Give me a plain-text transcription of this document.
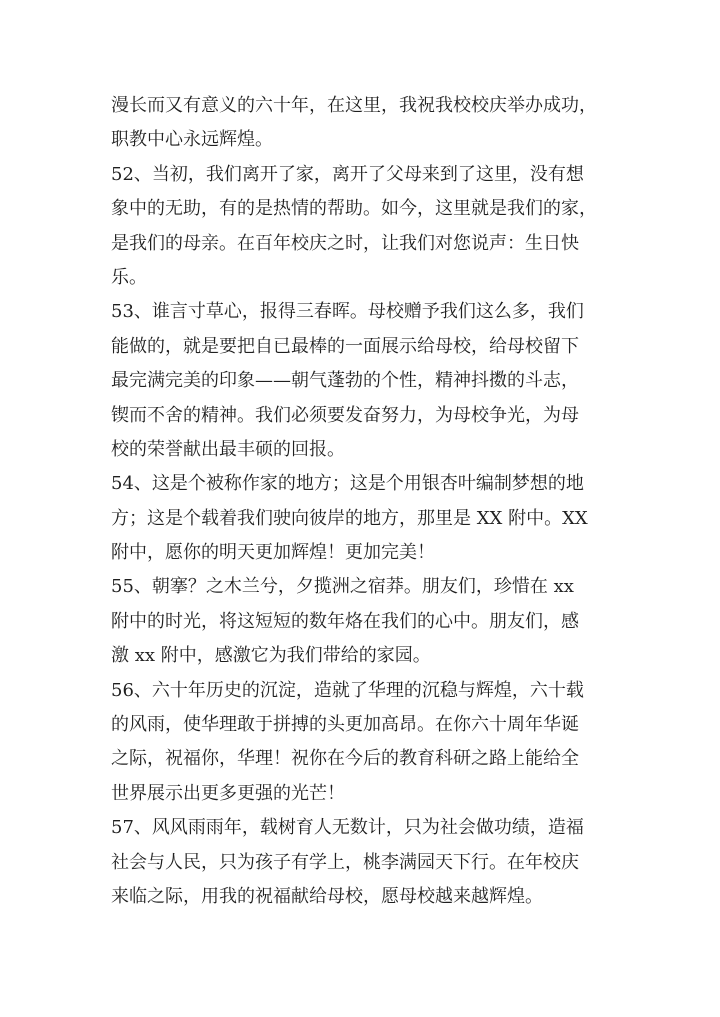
漫长而又有意义的六十年，在这里，我祝我校校庆举办成功，
职教中心永远辉煌。
52、当初，我们离开了家，离开了父母来到了这里，没有想
象中的无助，有的是热情的帮助。如今，这里就是我们的家，
是我们的母亲。在百年校庆之时，让我们对您说声：生日快
乐。
53、谁言寸草心，报得三春晖。母校赠予我们这么多，我们
能做的，就是要把自已最棒的一面展示给母校，给母校留下
最完满完美的印象——朝气蓬勃的个性，精神抖擞的斗志，
锲而不舍的精神。我们必须要发奋努力，为母校争光，为母
校的荣誉献出最丰硕的回报。
54、这是个被称作家的地方；这是个用银杏叶编制梦想的地
方；这是个载着我们驶向彼岸的地方，那里是 XX 附中。XX
附中，愿你的明天更加辉煌！更加完美！
55、朝搴？之木兰兮，夕揽洲之宿莽。朋友们，珍惜在 xx
附中的时光，将这短短的数年烙在我们的心中。朋友们，感
激 xx 附中，感激它为我们带给的家园。
56、六十年历史的沉淀，造就了华理的沉稳与辉煌，六十载
的风雨，使华理敢于拼搏的头更加高昂。在你六十周年华诞
之际，祝福你，华理！祝你在今后的教育科研之路上能给全
世界展示出更多更强的光芒！
57、风风雨雨年，载树育人无数计，只为社会做功绩，造福
社会与人民，只为孩子有学上，桃李满园天下行。在年校庆
来临之际，用我的祝福献给母校，愿母校越来越辉煌。
